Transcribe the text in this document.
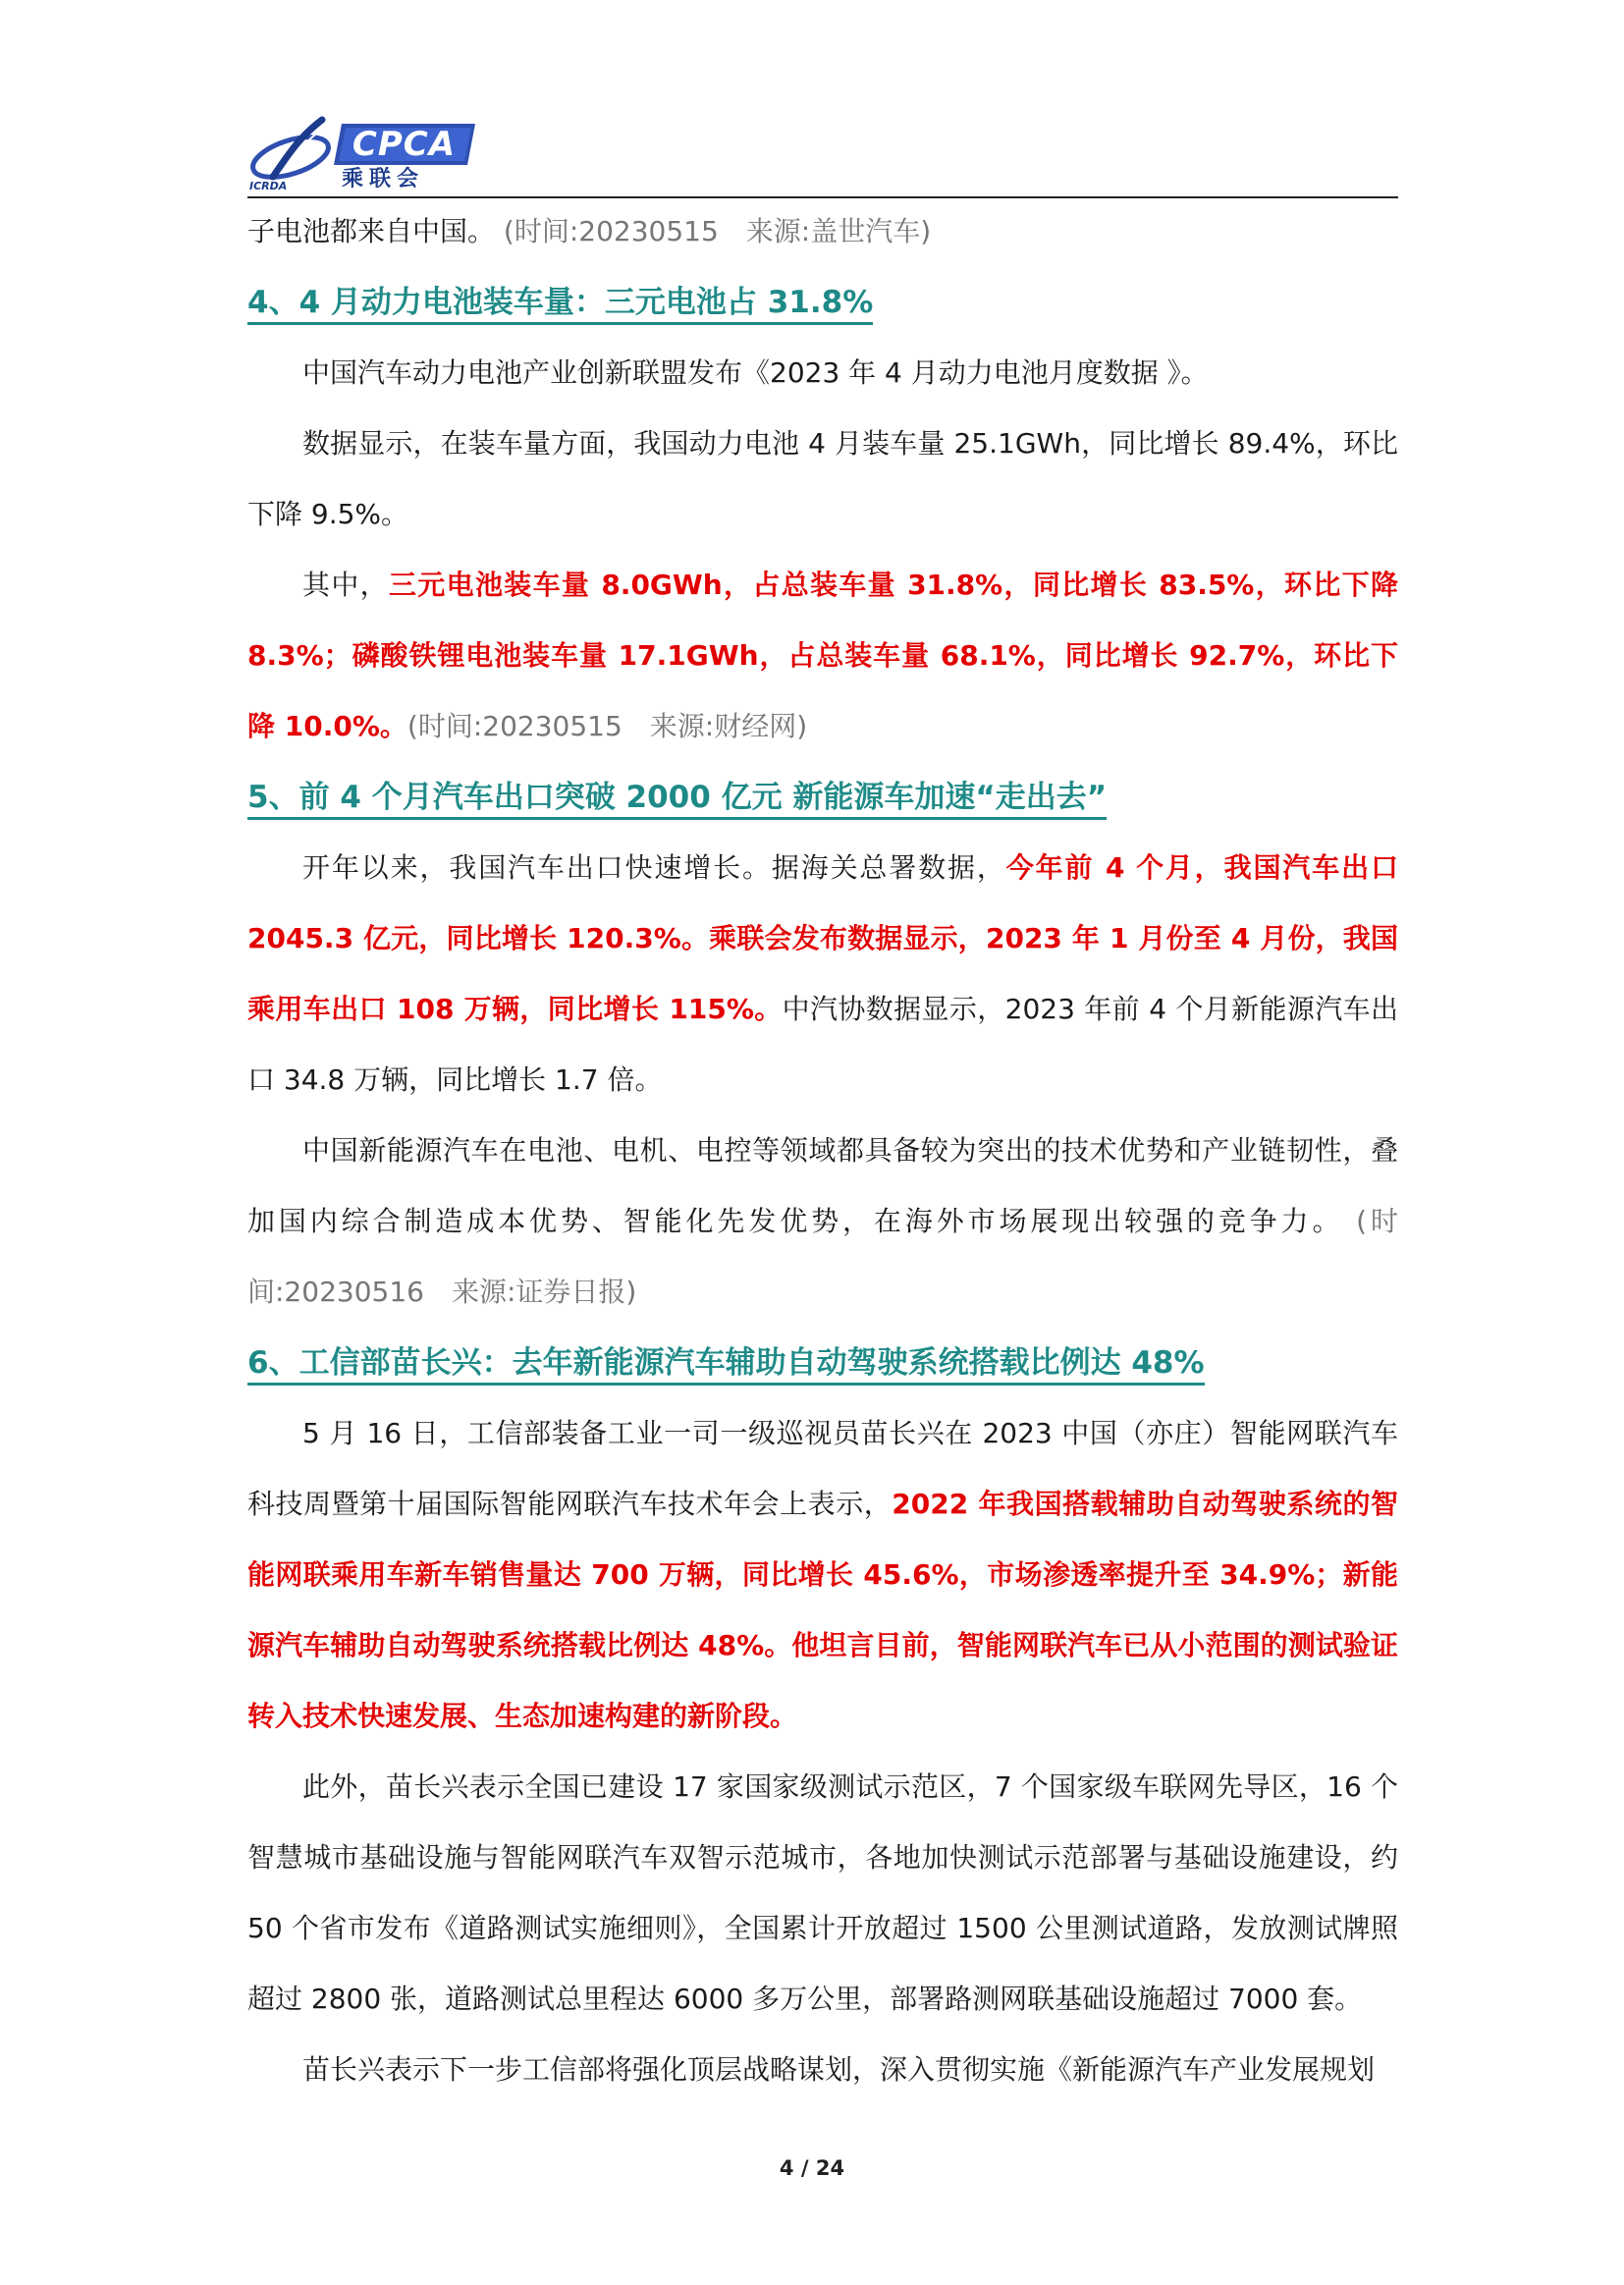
CPCA
乘联会
ICRDA

子电池都来自中国。 (时间:20230515　来源:盖世汽车)

4、4 月动力电池装车量：三元电池占 31.8%

中国汽车动力电池产业创新联盟发布《2023 年 4 月动力电池月度数据 》。

数据显示，在装车量方面，我国动力电池 4 月装车量 25.1GWh，同比增长 89.4%，环比下降 9.5%。

其中，三元电池装车量 8.0GWh，占总装车量 31.8%，同比增长 83.5%，环比下降 8.3%；磷酸铁锂电池装车量 17.1GWh，占总装车量 68.1%，同比增长 92.7%，环比下降 10.0%。(时间:20230515　来源:财经网)

5、前 4 个月汽车出口突破 2000 亿元 新能源车加速“走出去”

开年以来，我国汽车出口快速增长。据海关总署数据，今年前 4 个月，我国汽车出口 2045.3 亿元，同比增长 120.3%。乘联会发布数据显示，2023 年 1 月份至 4 月份，我国乘用车出口 108 万辆，同比增长 115%。中汽协数据显示，2023 年前 4 个月新能源汽车出口 34.8 万辆，同比增长 1.7 倍。

中国新能源汽车在电池、电机、电控等领域都具备较为突出的技术优势和产业链韧性，叠加国内综合制造成本优势、智能化先发优势，在海外市场展现出较强的竞争力。 (时间:20230516　来源:证券日报)

6、工信部苗长兴：去年新能源汽车辅助自动驾驶系统搭载比例达 48%

5 月 16 日，工信部装备工业一司一级巡视员苗长兴在 2023 中国（亦庄）智能网联汽车科技周暨第十届国际智能网联汽车技术年会上表示，2022 年我国搭载辅助自动驾驶系统的智能网联乘用车新车销售量达 700 万辆，同比增长 45.6%，市场渗透率提升至 34.9%；新能源汽车辅助自动驾驶系统搭载比例达 48%。他坦言目前，智能网联汽车已从小范围的测试验证转入技术快速发展、生态加速构建的新阶段。

此外，苗长兴表示全国已建设 17 家国家级测试示范区，7 个国家级车联网先导区，16 个智慧城市基础设施与智能网联汽车双智示范城市，各地加快测试示范部署与基础设施建设，约 50 个省市发布《道路测试实施细则》，全国累计开放超过 1500 公里测试道路，发放测试牌照超过 2800 张，道路测试总里程达 6000 多万公里，部署路测网联基础设施超过 7000 套。

苗长兴表示下一步工信部将强化顶层战略谋划，深入贯彻实施《新能源汽车产业发展规划

4 / 24
